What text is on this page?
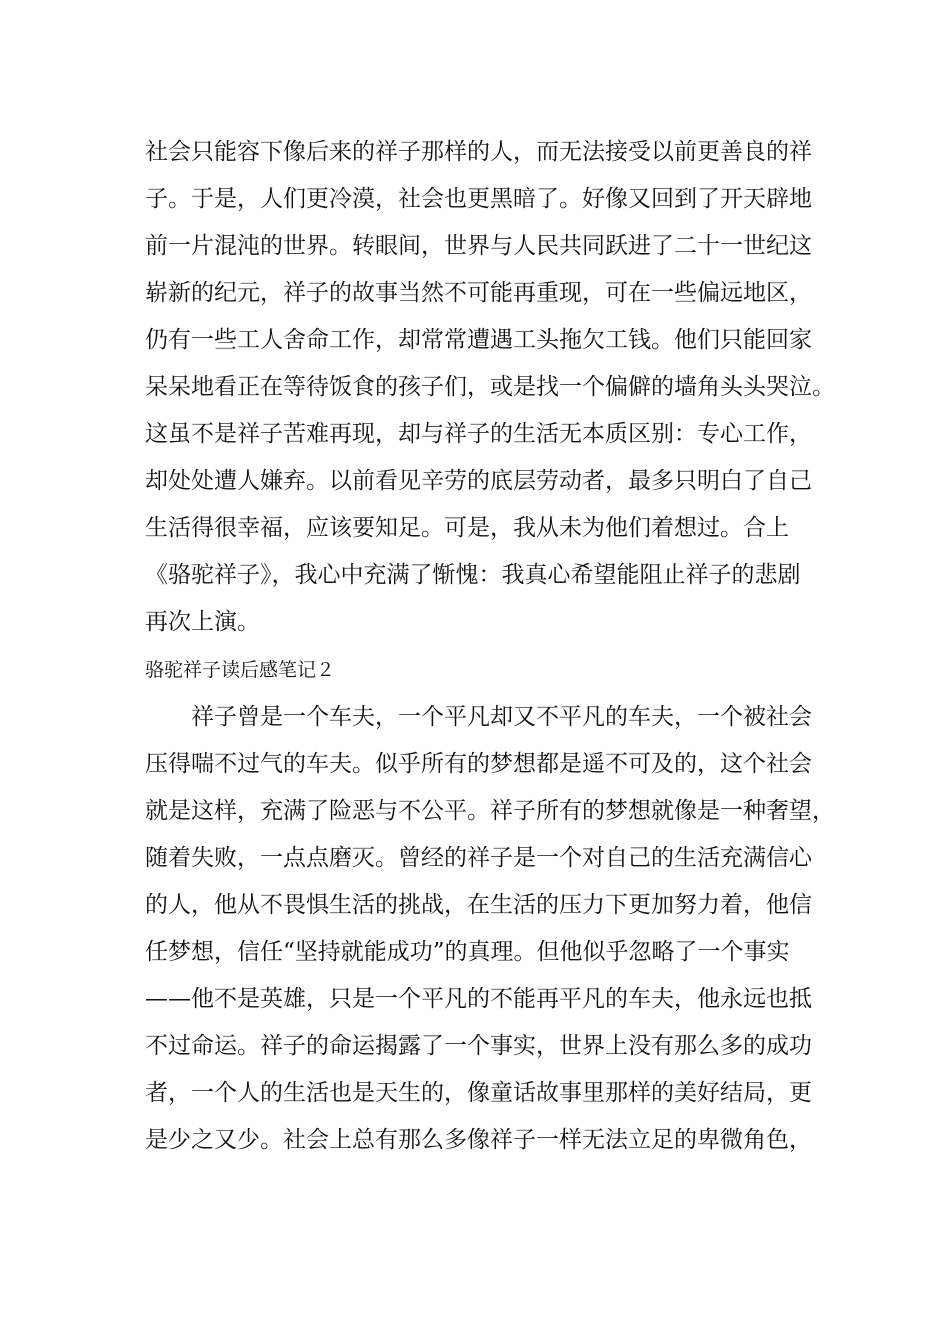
社会只能容下像后来的祥子那样的人，而无法接受以前更善良的祥
子。于是，人们更冷漠，社会也更黑暗了。好像又回到了开天辟地
前一片混沌的世界。转眼间，世界与人民共同跃进了二十一世纪这
崭新的纪元，祥子的故事当然不可能再重现，可在一些偏远地区，
仍有一些工人舍命工作，却常常遭遇工头拖欠工钱。他们只能回家
呆呆地看正在等待饭食的孩子们，或是找一个偏僻的墙角头头哭泣。
这虽不是祥子苦难再现，却与祥子的生活无本质区别：专心工作，
却处处遭人嫌弃。以前看见辛劳的底层劳动者，最多只明白了自己
生活得很幸福，应该要知足。可是，我从未为他们着想过。合上
《骆驼祥子》，我心中充满了惭愧：我真心希望能阻止祥子的悲剧
再次上演。
骆驼祥子读后感笔记２
　　祥子曾是一个车夫，一个平凡却又不平凡的车夫，一个被社会
压得喘不过气的车夫。似乎所有的梦想都是遥不可及的，这个社会
就是这样，充满了险恶与不公平。祥子所有的梦想就像是一种奢望，
随着失败，一点点磨灭。曾经的祥子是一个对自己的生活充满信心
的人，他从不畏惧生活的挑战，在生活的压力下更加努力着，他信
任梦想，信任“坚持就能成功”的真理。但他似乎忽略了一个事实
——他不是英雄，只是一个平凡的不能再平凡的车夫，他永远也抵
不过命运。祥子的命运揭露了一个事实，世界上没有那么多的成功
者，一个人的生活也是天生的，像童话故事里那样的美好结局，更
是少之又少。社会上总有那么多像祥子一样无法立足的卑微角色，
